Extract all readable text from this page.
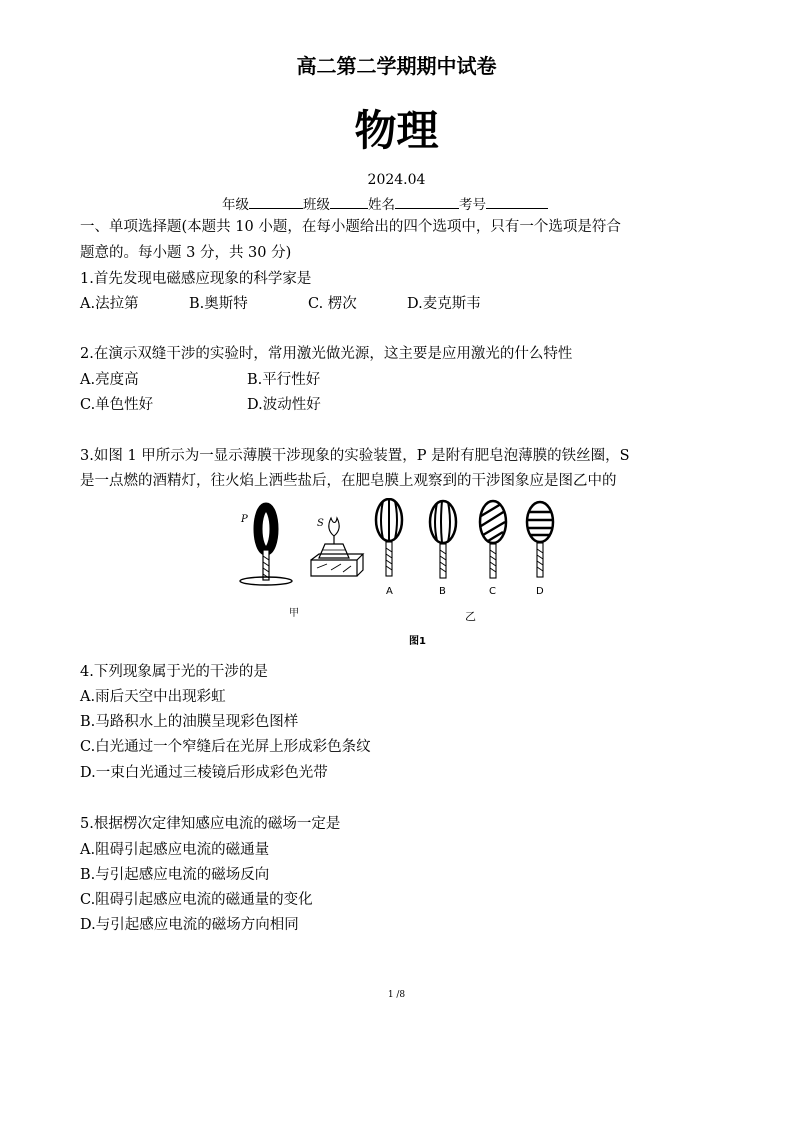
高二第二学期期中试卷
物理
2024.04
年级	班级	姓名	考号
一、单项选择题(本题共 10 小题，在每小题给出的四个选项中，只有一个选项是符合
题意的。每小题 3 分，共 30 分)
1.首先发现电磁感应现象的科学家是
A.法拉第	B.奥斯特	C. 楞次	D.麦克斯韦
2.在演示双缝干涉的实验时，常用激光做光源，这主要是应用激光的什么特性
A.亮度高	B.平行性好
C.单色性好	D.波动性好
3.如图 1 甲所示为一显示薄膜干涉现象的实验装置，P 是附有肥皂泡薄膜的铁丝圈，S
是一点燃的酒精灯，往火焰上洒些盐后，在肥皂膜上观察到的干涉图象应是图乙中的
P	S
A	B	C	D
甲	乙
图1
4.下列现象属于光的干涉的是
A.雨后天空中出现彩虹
B.马路积水上的油膜呈现彩色图样
C.白光通过一个窄缝后在光屏上形成彩色条纹
D.一束白光通过三棱镜后形成彩色光带
5.根据楞次定律知感应电流的磁场一定是
A.阻碍引起感应电流的磁通量
B.与引起感应电流的磁场反向
C.阻碍引起感应电流的磁通量的变化
D.与引起感应电流的磁场方向相同
1 /8
